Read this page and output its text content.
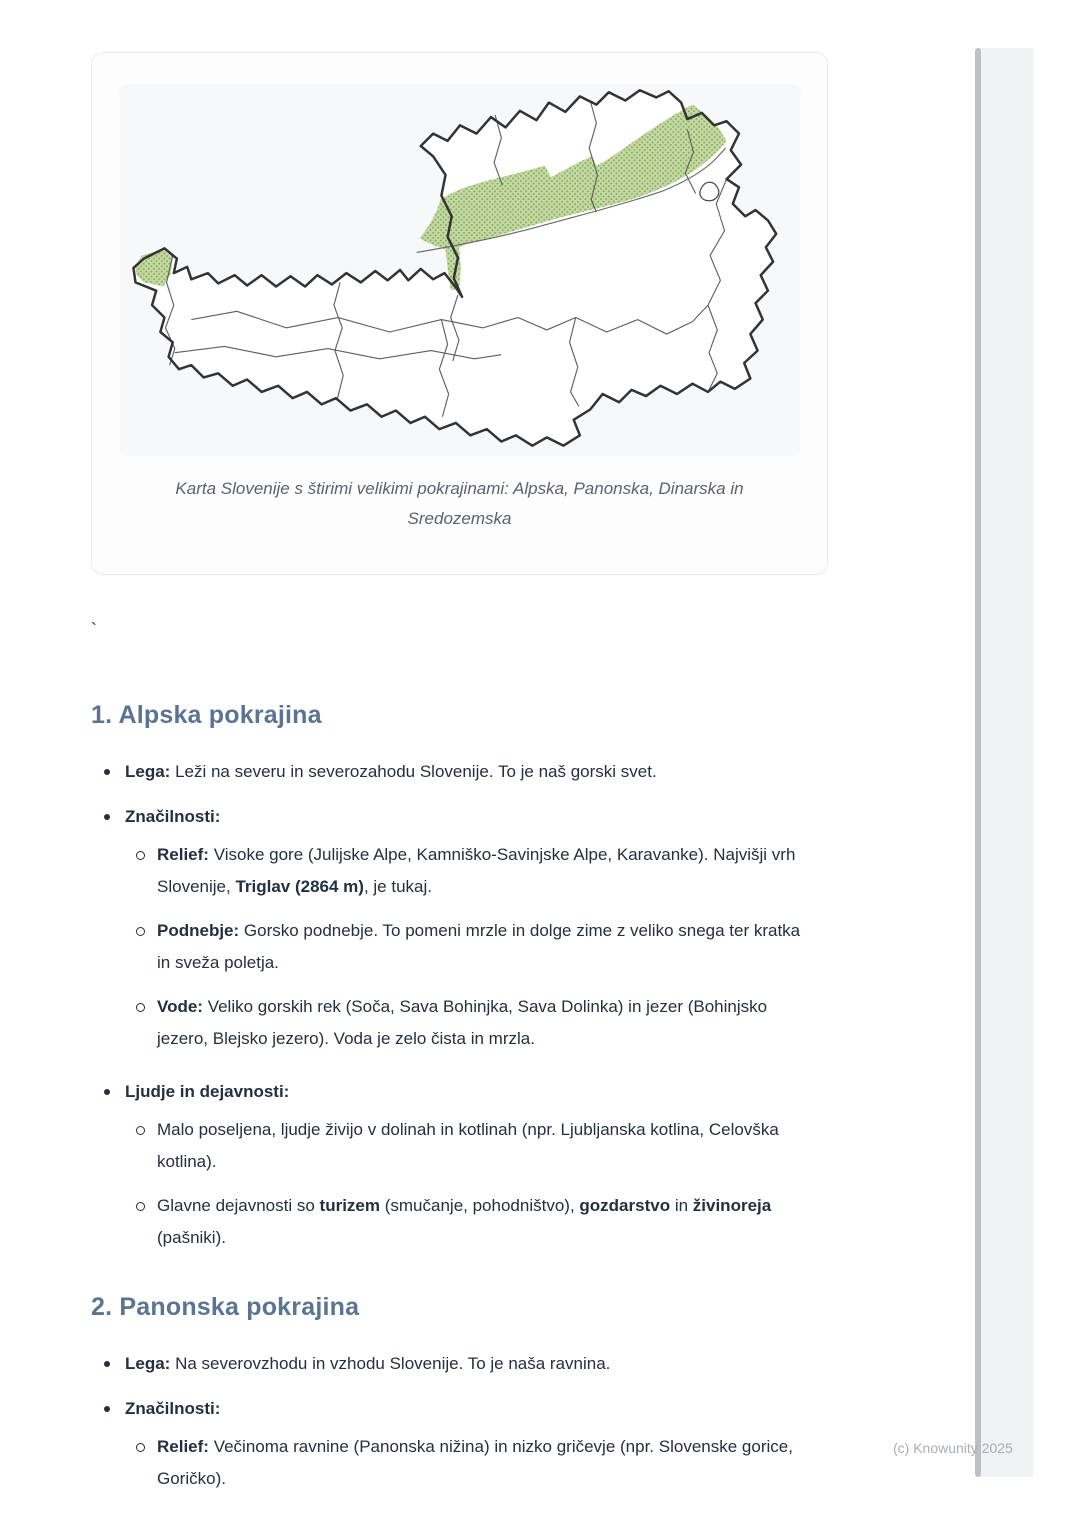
Karta Slovenije s štirimi velikimi pokrajinami: Alpska, Panonska, Dinarska in Sredozemska

`
1. Alpska pokrajina
Lega: Leži na severu in severozahodu Slovenije. To je naš gorski svet.
Značilnosti:
Relief: Visoke gore (Julijske Alpe, Kamniško-Savinjske Alpe, Karavanke). Najvišji vrh Slovenije, Triglav (2864 m), je tukaj.
Podnebje: Gorsko podnebje. To pomeni mrzle in dolge zime z veliko snega ter kratka in sveža poletja.
Vode: Veliko gorskih rek (Soča, Sava Bohinjka, Sava Dolinka) in jezer (Bohinjsko jezero, Blejsko jezero). Voda je zelo čista in mrzla.
Ljudje in dejavnosti:
Malo poseljena, ljudje živijo v dolinah in kotlinah (npr. Ljubljanska kotlina, Celovška kotlina).
Glavne dejavnosti so turizem (smučanje, pohodništvo), gozdarstvo in živinoreja (pašniki).
2. Panonska pokrajina
Lega: Na severovzhodu in vzhodu Slovenije. To je naša ravnina.
Značilnosti:
Relief: Večinoma ravnine (Panonska nižina) in nizko gričevje (npr. Slovenske gorice, Goričko).
(c) Knowunity 2025
